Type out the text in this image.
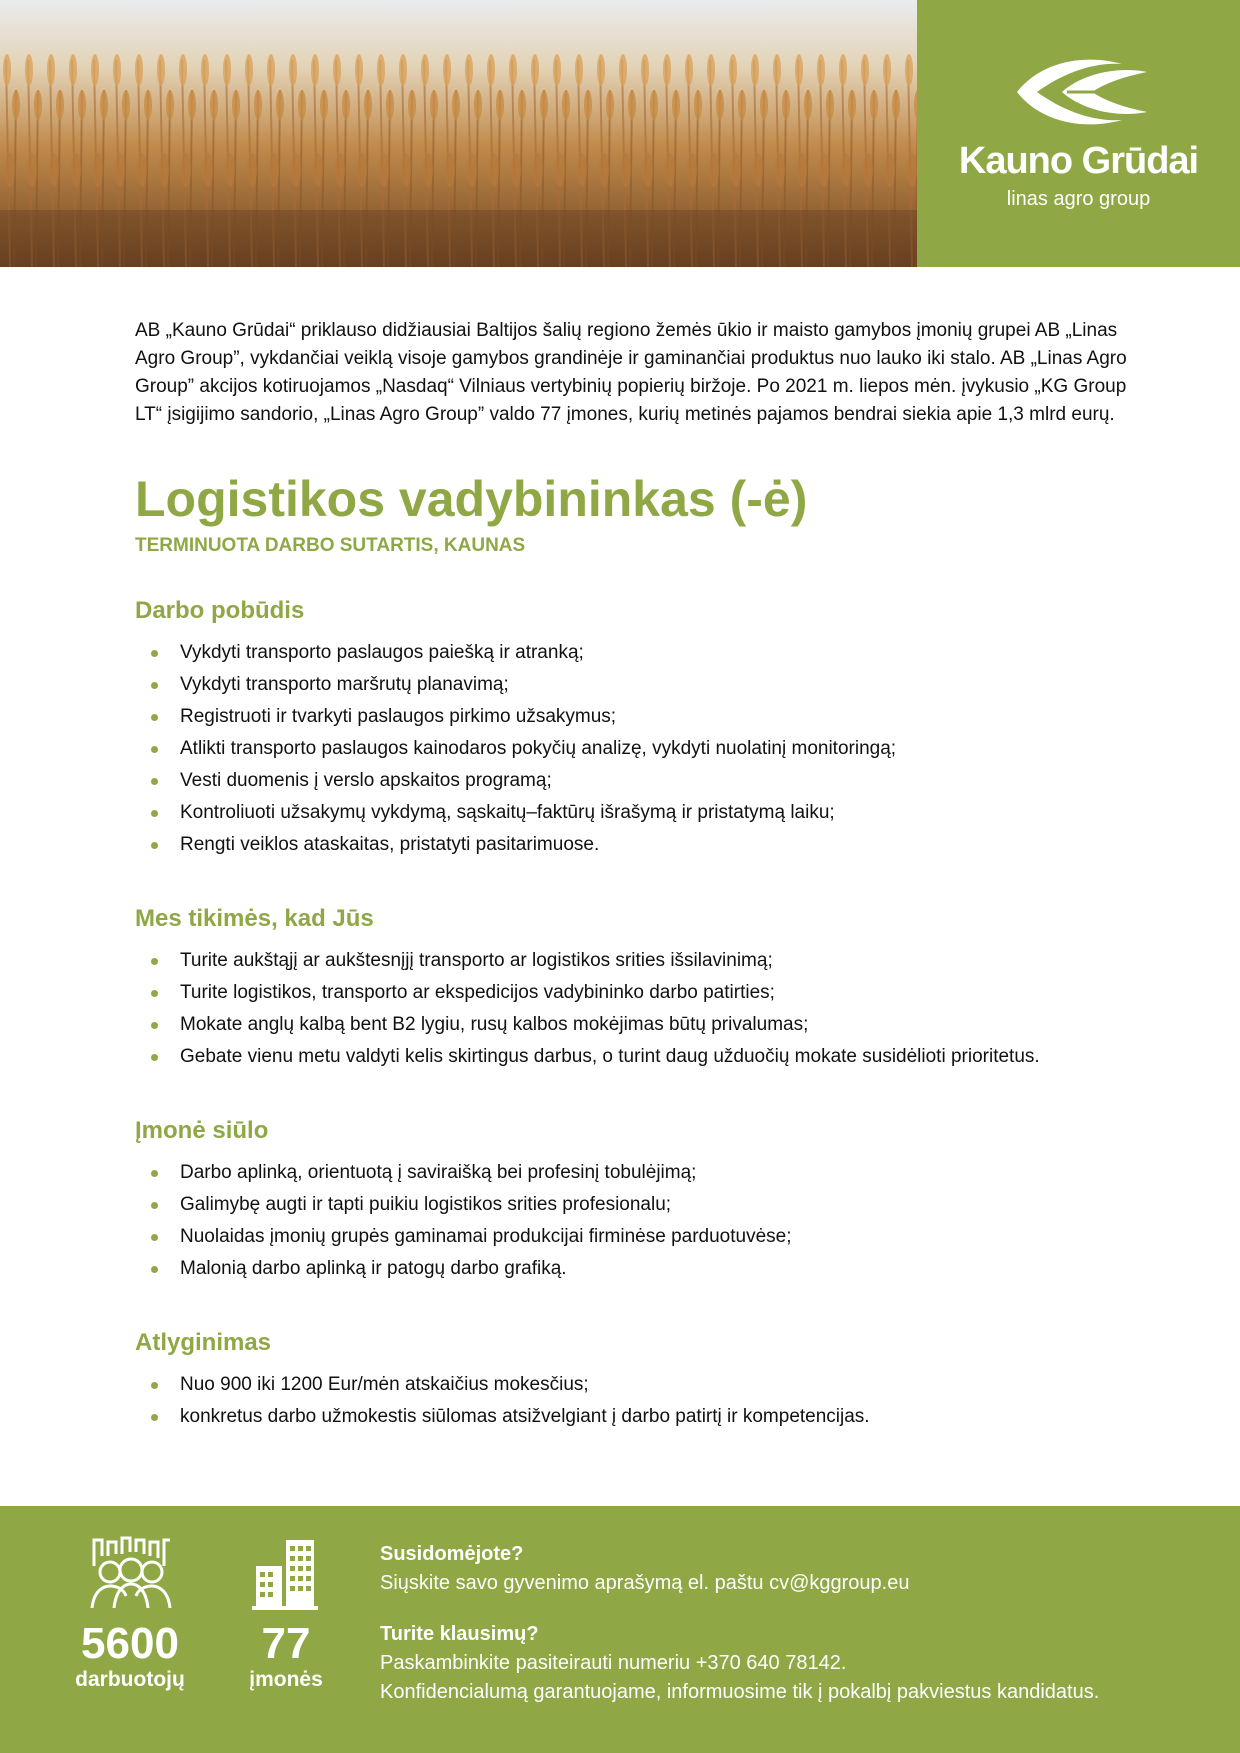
Kauno Grūdai
linas agro group

AB „Kauno Grūdai“ priklauso didžiausiai Baltijos šalių regiono žemės ūkio ir maisto gamybos įmonių grupei AB „Linas Agro Group”, vykdančiai veiklą visoje gamybos grandinėje ir gaminančiai produktus nuo lauko iki stalo. AB „Linas Agro Group” akcijos kotiruojamos „Nasdaq“ Vilniaus vertybinių popierių biržoje. Po 2021 m. liepos mėn. įvykusio „KG Group LT“ įsigijimo sandorio, „Linas Agro Group” valdo 77 įmones, kurių metinės pajamos bendrai siekia apie 1,3 mlrd eurų.

Logistikos vadybininkas (-ė)
TERMINUOTA DARBO SUTARTIS, KAUNAS
Darbo pobūdis
Vykdyti transporto paslaugos paiešką ir atranką;
Vykdyti transporto maršrutų planavimą;
Registruoti ir tvarkyti paslaugos pirkimo užsakymus;
Atlikti transporto paslaugos kainodaros pokyčių analizę, vykdyti nuolatinį monitoringą;
Vesti duomenis į verslo apskaitos programą;
Kontroliuoti užsakymų vykdymą, sąskaitų–faktūrų išrašymą ir pristatymą laiku;
Rengti veiklos ataskaitas, pristatyti pasitarimuose.
Mes tikimės, kad Jūs
Turite aukštąjį ar aukštesnįjį transporto ar logistikos srities išsilavinimą;
Turite logistikos, transporto ar ekspedicijos vadybininko darbo patirties;
Mokate anglų kalbą bent B2 lygiu, rusų kalbos mokėjimas būtų privalumas;
Gebate vienu metu valdyti kelis skirtingus darbus, o turint daug užduočių mokate susidėlioti prioritetus.
Įmonė siūlo
Darbo aplinką, orientuotą į saviraišką bei profesinį tobulėjimą;
Galimybę augti ir tapti puikiu logistikos srities profesionalu;
Nuolaidas įmonių grupės gaminamai produkcijai firminėse parduotuvėse;
Malonią darbo aplinką ir patogų darbo grafiką.
Atlyginimas
Nuo 900 iki 1200 Eur/mėn atskaičius mokesčius;
konkretus darbo užmokestis siūlomas atsižvelgiant į darbo patirtį ir kompetencijas.
5600
darbuotojų
77
įmonės

Susidomėjote?

Siųskite savo gyvenimo aprašymą el. paštu cv@kggroup.eu

Turite klausimų?

Paskambinkite pasiteirauti numeriu +370 640 78142.

Konfidencialumą garantuojame, informuosime tik į pokalbį pakviestus kandidatus.
